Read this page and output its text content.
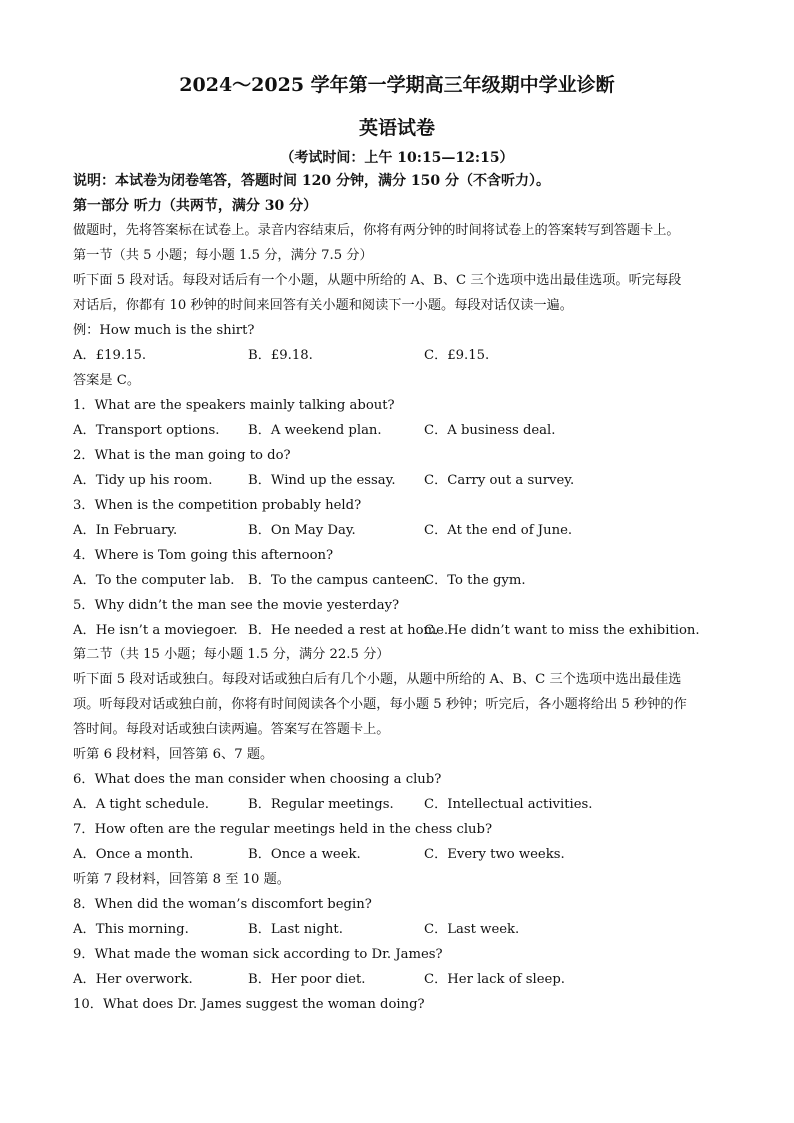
2024～2025 学年第一学期高三年级期中学业诊断
英语试卷
（考试时间：上午 10:15—12:15）
说明：本试卷为闭卷笔答，答题时间 120 分钟，满分 150 分（不含听力）。
第一部分 听力（共两节，满分 30 分）
做题时，先将答案标在试卷上。录音内容结束后，你将有两分钟的时间将试卷上的答案转写到答题卡上。
第一节（共 5 小题；每小题 1.5 分，满分 7.5 分）
听下面 5 段对话。每段对话后有一个小题，从题中所给的 A、B、C 三个选项中选出最佳选项。听完每段
对话后，你都有 10 秒钟的时间来回答有关小题和阅读下一小题。每段对话仅读一遍。
例：How much is the shirt?
A．£19.15.	B．£9.18.	C．£9.15.
答案是 C。
1．What are the speakers mainly talking about?
A．Transport options. B．A weekend plan.	C．A business deal.
2．What is the man going to do?
A．Tidy up his room.	B．Wind up the essay. C．Carry out a survey.
3．When is the competition probably held?
A．In February.	B．On May Day.	C．At the end of June.
4．Where is Tom going this afternoon?
A．To the computer lab. B．To the campus canteen.
C．To the gym.
5．Why didn’t the man see the movie yesterday?
A．He isn’t a moviegoer. B．He needed a rest at home.
C．He didn’t want to miss the exhibition.
第二节（共 15 小题；每小题 1.5 分，满分 22.5 分）
听下面 5 段对话或独白。每段对话或独白后有几个小题，从题中所给的 A、B、C 三个选项中选出最佳选
项。听每段对话或独白前，你将有时间阅读各个小题，每小题 5 秒钟；听完后，各小题将给出 5 秒钟的作
答时间。每段对话或独白读两遍。答案写在答题卡上。
听第 6 段材料，回答第 6、7 题。
6．What does the man consider when choosing a club?
A．A tight schedule.	B．Regular meetings. C．Intellectual activities.
7．How often are the regular meetings held in the chess club?
A．Once a month.	B．Once a week.	C．Every two weeks.
听第 7 段材料，回答第 8 至 10 题。
8．When did the woman’s discomfort begin?
A．This morning.	B．Last night.	C．Last week.
9．What made the woman sick according to Dr. James?
A．Her overwork.	B．Her poor diet.	C．Her lack of sleep.
10．What does Dr. James suggest the woman doing?
